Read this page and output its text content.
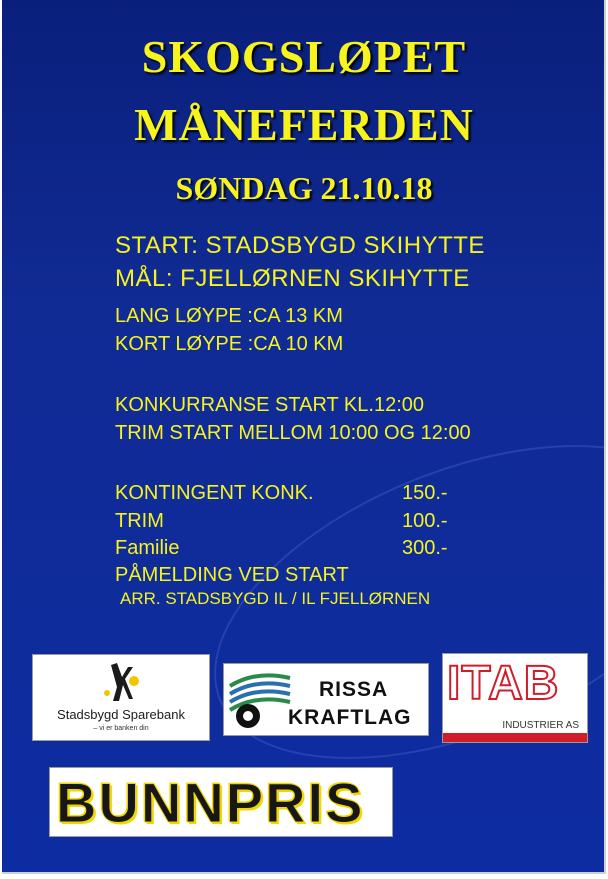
SKOGSLØPET
MÅNEFERDEN
SØNDAG 21.10.18
START: STADSBYGD SKIHYTTE
MÅL: FJELLØRNEN SKIHYTTE
LANG LØYPE :CA 13 KM
KORT LØYPE :CA 10 KM
KONKURRANSE START KL.12:00
TRIM START MELLOM 10:00 OG 12:00
KONTINGENT KONK.	150.-
TRIM	100.-
Familie	300.-
PÅMELDING VED START
ARR. STADSBYGD IL / IL FJELLØRNEN
Stadsbygd Sparebank
– vi er banken din
RISSA
KRAFTLAG
ITAB
INDUSTRIER AS
BUNNPRIS
